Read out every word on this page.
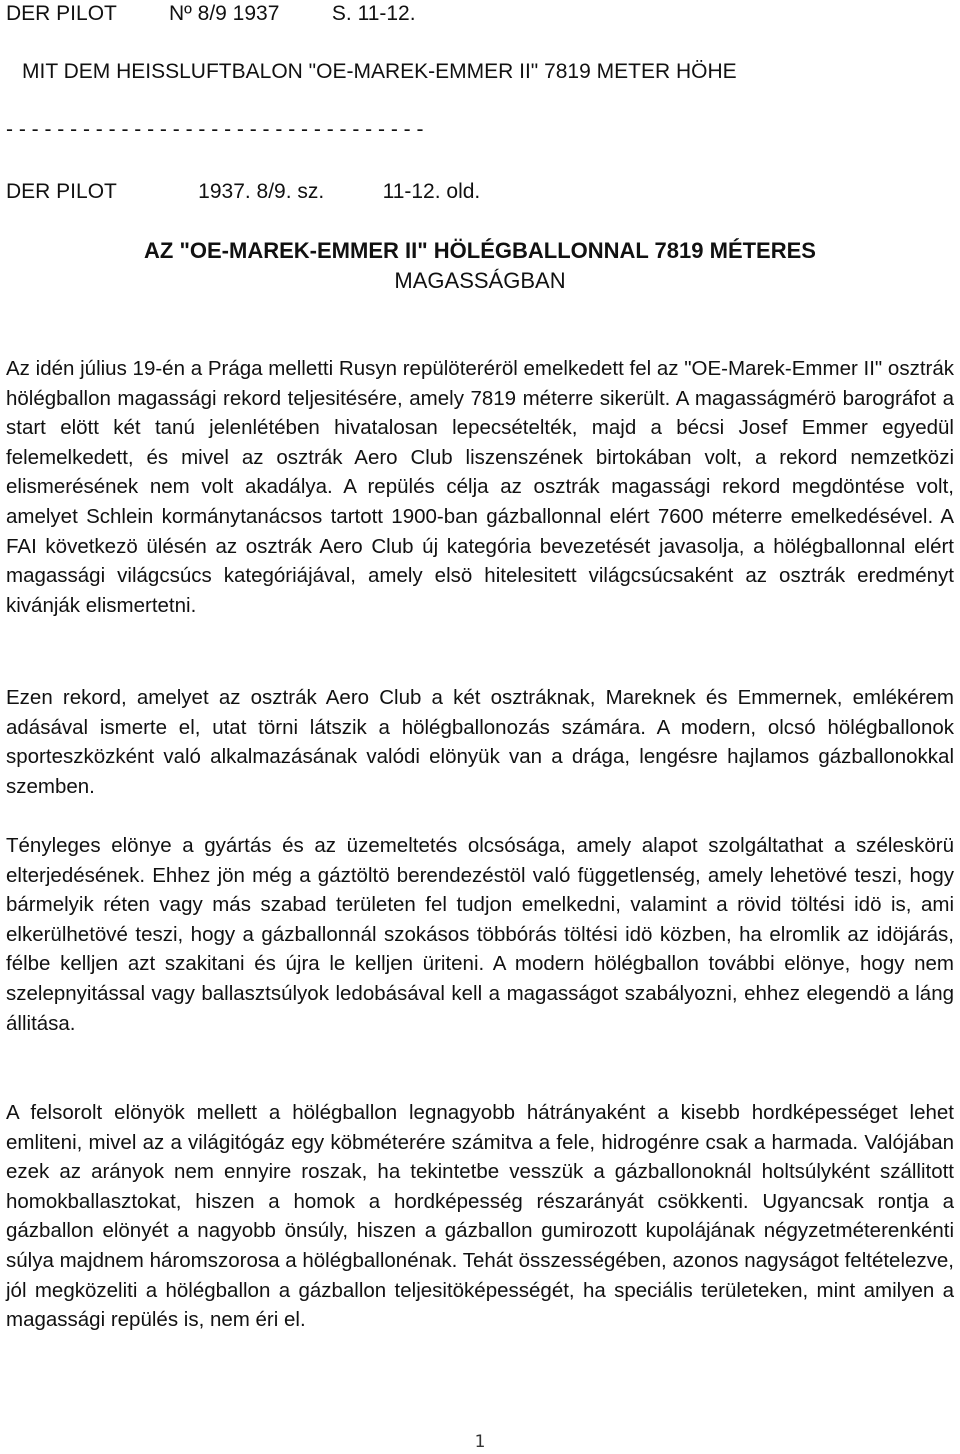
DER PILOT         Nº 8/9 1937         S. 11-12.
MIT DEM HEISSLUFTBALON "OE-MAREK-EMMER II" 7819 METER HÖHE
- - - - - - - - - - - - - - - - - - - - - - - - - - - - - - - - -
DER PILOT              1937. 8/9. sz.          11-12. old.
AZ "OE-MAREK-EMMER II" HÖLÉGBALLONNAL 7819 MÉTERES
MAGASSÁGBAN

Az idén július 19-én a Prága melletti Rusyn repülöteréröl emelkedett fel az "OE-Marek-Emmer II" osztrák hölégballon magassági rekord teljesitésére, amely 7819 méterre sikerült. A magasságmérö barográfot a start elött két tanú jelenlétében hivatalosan lepecsételték, majd a bécsi Josef Emmer egyedül felemelkedett, és mivel az osztrák Aero Club liszenszének birtokában volt, a rekord nemzetközi elismerésének nem volt akadálya. A repülés célja az osztrák magassági rekord megdöntése volt, amelyet Schlein kormánytanácsos tartott 1900-ban gázballonnal elért 7600 méterre emelkedésével. A FAI következö ülésén az osztrák Aero Club új kategória bevezetését javasolja, a hölégballonnal elért magassági világcsúcs kategóriájával, amely elsö hitelesitett világcsúcsaként az osztrák eredményt kivánják elismertetni.

Ezen rekord, amelyet az osztrák Aero Club a két osztráknak, Mareknek és Emmernek, emlékérem adásával ismerte el, utat törni látszik a hölégballonozás számára. A modern, olcsó hölégballonok sporteszközként való alkalmazásának valódi elönyük van a drága, lengésre hajlamos gázballonokkal szemben.

Tényleges elönye a gyártás és az üzemeltetés olcsósága, amely alapot szolgáltathat a széleskörü elterjedésének. Ehhez jön még a gáztöltö berendezéstöl való függetlenség, amely lehetövé teszi, hogy bármelyik réten vagy más szabad területen fel tudjon emelkedni, valamint a rövid töltési idö is, ami elkerülhetövé teszi, hogy a gázballonnál szokásos többórás töltési idö közben, ha elromlik az idöjárás, félbe kelljen azt szakitani és újra le kelljen üriteni. A modern hölégballon további elönye, hogy nem szelepnyitással vagy ballasztsúlyok ledobásával kell a magasságot szabályozni, ehhez elegendö a láng állitása.

A felsorolt elönyök mellett a hölégballon legnagyobb hátrányaként a kisebb hordképességet lehet emliteni, mivel az a világitógáz egy köbméterére számitva a fele, hidrogénre csak a harmada. Valójában ezek az arányok nem ennyire roszak, ha tekintetbe vesszük a gázballonoknál holtsúlyként szállitott homokballasztokat, hiszen a homok a hordképesség részarányát csökkenti. Ugyancsak rontja a gázballon elönyét a nagyobb önsúly, hiszen a gázballon gumirozott kupolájának négyzetméterenkénti súlya majdnem háromszorosa a hölégballonénak. Tehát összességében, azonos nagyságot feltételezve, jól megközeliti a hölégballon a gázballon teljesitöképességét, ha speciális területeken, mint amilyen a magassági repülés is, nem éri el.

1
